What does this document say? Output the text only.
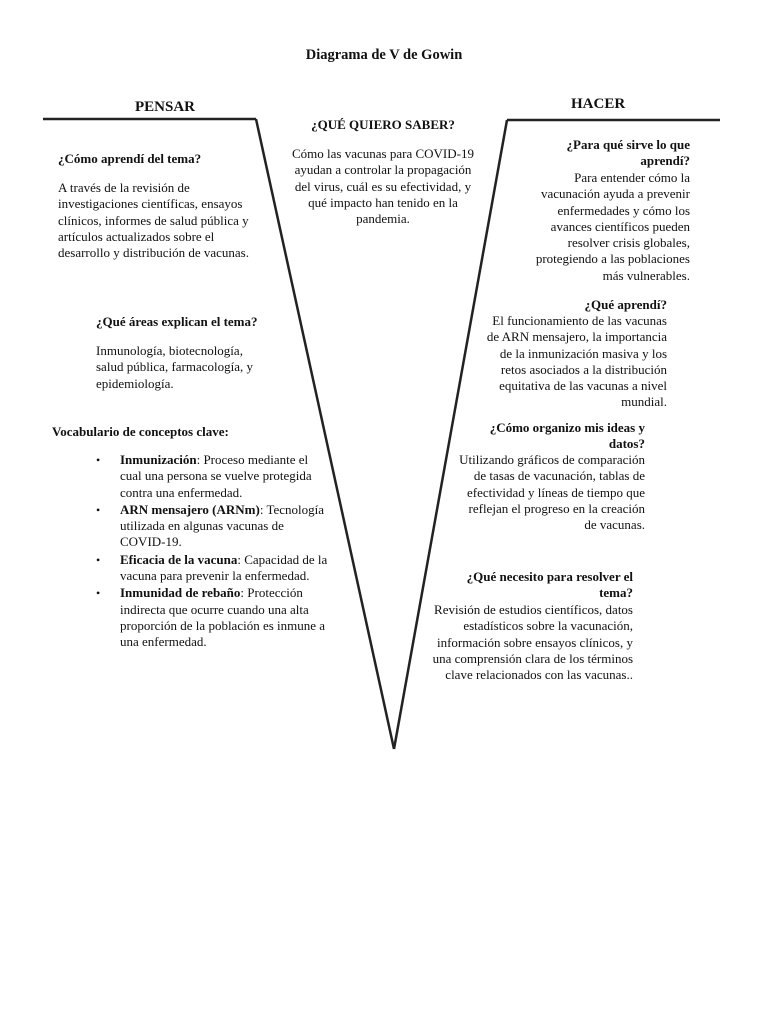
Diagrama de V de Gowin
PENSAR	HACER
¿QUÉ QUIERO SABER?
Cómo las vacunas para COVID-19 ayudan a controlar la propagación del virus, cuál es su efectividad, y qué impacto han tenido en la pandemia.
¿Cómo aprendí del tema?
A través de la revisión de investigaciones científicas, ensayos clínicos, informes de salud pública y artículos actualizados sobre el desarrollo y distribución de vacunas.
¿Qué áreas explican el tema?
Inmunología, biotecnología, salud pública, farmacología, y epidemiología.
Vocabulario de conceptos clave:
• Inmunización: Proceso mediante el cual una persona se vuelve protegida contra una enfermedad.
• ARN mensajero (ARNm): Tecnología utilizada en algunas vacunas de COVID-19.
• Eficacia de la vacuna: Capacidad de la vacuna para prevenir la enfermedad.
• Inmunidad de rebaño: Protección indirecta que ocurre cuando una alta proporción de la población es inmune a una enfermedad.
¿Para qué sirve lo que aprendí?
Para entender cómo la vacunación ayuda a prevenir enfermedades y cómo los avances científicos pueden resolver crisis globales, protegiendo a las poblaciones más vulnerables.
¿Qué aprendí?
El funcionamiento de las vacunas de ARN mensajero, la importancia de la inmunización masiva y los retos asociados a la distribución equitativa de las vacunas a nivel mundial.
¿Cómo organizo mis ideas y datos?
Utilizando gráficos de comparación de tasas de vacunación, tablas de efectividad y líneas de tiempo que reflejan el progreso en la creación de vacunas.
¿Qué necesito para resolver el tema?
Revisión de estudios científicos, datos estadísticos sobre la vacunación, información sobre ensayos clínicos, y una comprensión clara de los términos clave relacionados con las vacunas..
